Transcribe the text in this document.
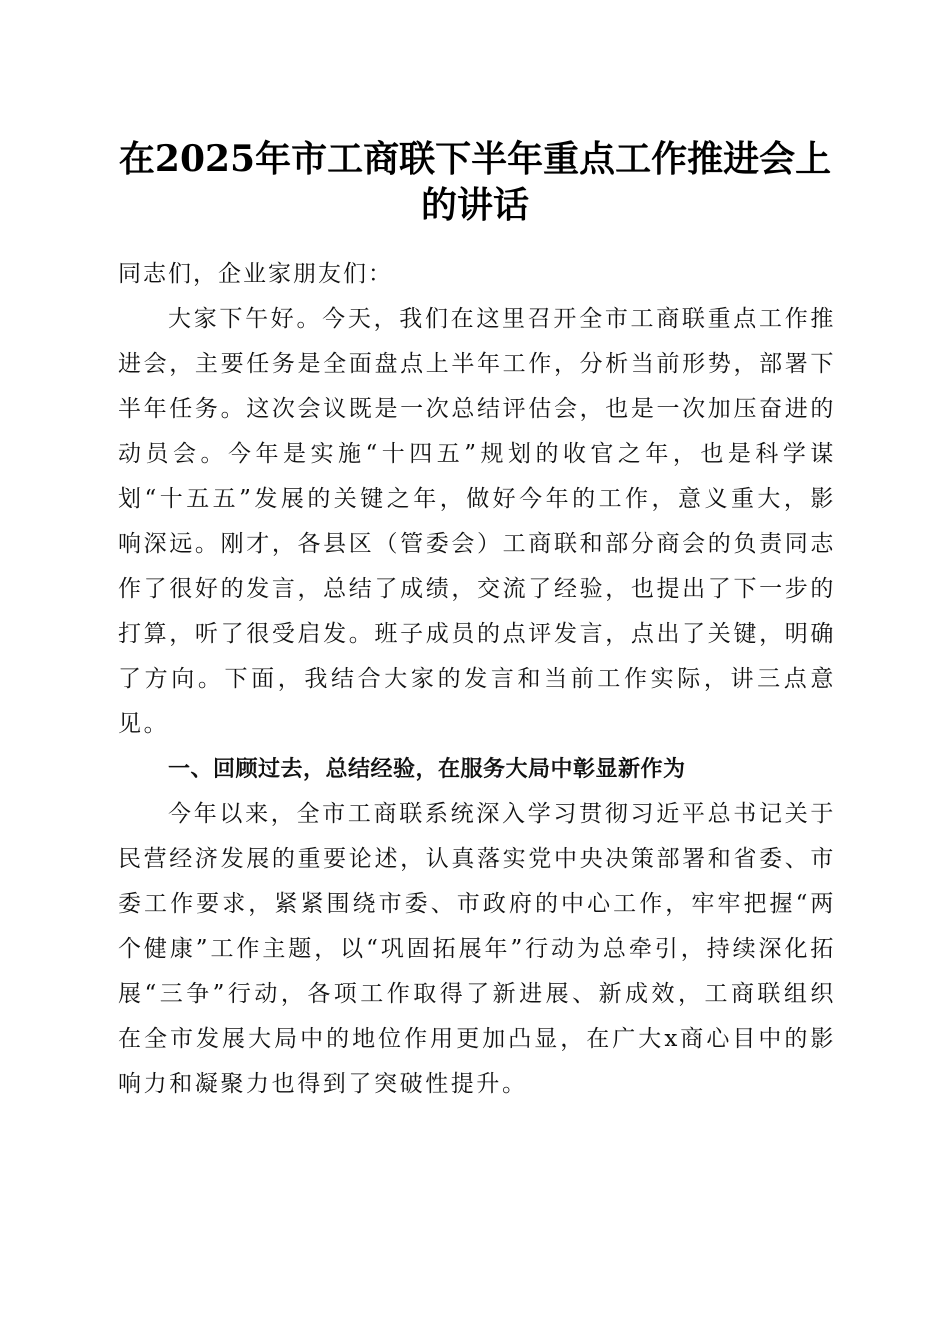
在2025年市工商联下半年重点工作推进会上
的讲话

同志们，企业家朋友们：

大家下午好。今天，我们在这里召开全市工商联重点工作推进会，主要任务是全面盘点上半年工作，分析当前形势，部署下半年任务。这次会议既是一次总结评估会，也是一次加压奋进的动员会。今年是实施“十四五”规划的收官之年，也是科学谋划“十五五”发展的关键之年，做好今年的工作，意义重大，影响深远。刚才，各县区（管委会）工商联和部分商会的负责同志作了很好的发言，总结了成绩，交流了经验，也提出了下一步的打算，听了很受启发。班子成员的点评发言，点出了关键，明确了方向。下面，我结合大家的发言和当前工作实际，讲三点意见。

一、回顾过去，总结经验，在服务大局中彰显新作为

今年以来，全市工商联系统深入学习贯彻习近平总书记关于民营经济发展的重要论述，认真落实党中央决策部署和省委、市委工作要求，紧紧围绕市委、市政府的中心工作，牢牢把握“两个健康”工作主题，以“巩固拓展年”行动为总牵引，持续深化拓展“三争”行动，各项工作取得了新进展、新成效，工商联组织在全市发展大局中的地位作用更加凸显，在广大x商心目中的影响力和凝聚力也得到了突破性提升。
